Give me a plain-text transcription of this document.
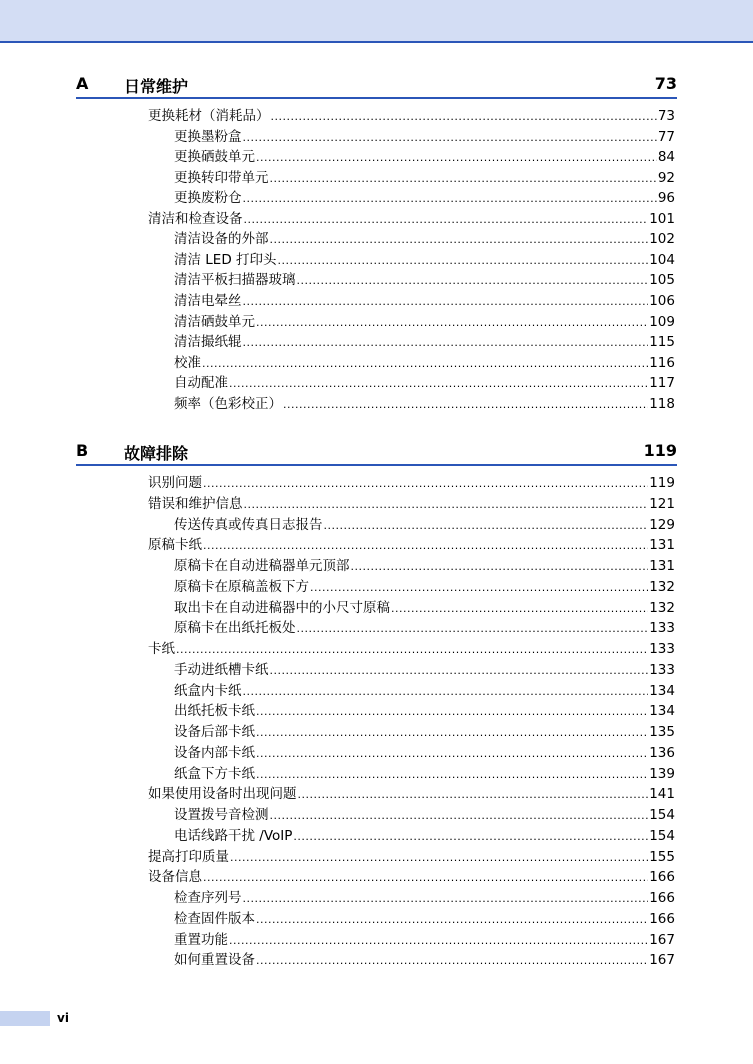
A 日常维护	73
更换耗材（消耗品） .....	73
更换墨粉盒 .....	77
更换硒鼓单元 .....	84
更换转印带单元 .....	92
更换废粉仓 .....	96
清洁和检查设备 .....	101
清洁设备的外部 .....	102
清洁 LED 打印头 .....	104
清洁平板扫描器玻璃 .....	105
清洁电晕丝 .....	106
清洁硒鼓单元 .....	109
清洁撮纸辊 .....	115
校准 .....	116
自动配准 .....	117
频率（色彩校正） .....	118
B 故障排除	119
识别问题 .....	119
错误和维护信息 .....	121
传送传真或传真日志报告 .....	129
原稿卡纸 .....	131
原稿卡在自动进稿器单元顶部 .....	131
原稿卡在原稿盖板下方 .....	132
取出卡在自动进稿器中的小尺寸原稿 .....	132
原稿卡在出纸托板处 .....	133
卡纸 .....	133
手动进纸槽卡纸 .....	133
纸盒内卡纸 .....	134
出纸托板卡纸 .....	134
设备后部卡纸 .....	135
设备内部卡纸 .....	136
纸盒下方卡纸 .....	139
如果使用设备时出现问题 .....	141
设置拨号音检测 .....	154
电话线路干扰 /VoIP .....	154
提高打印质量 .....	155
设备信息 .....	166
检查序列号 .....	166
检查固件版本 .....	166
重置功能 .....	167
如何重置设备 .....	167
vi
